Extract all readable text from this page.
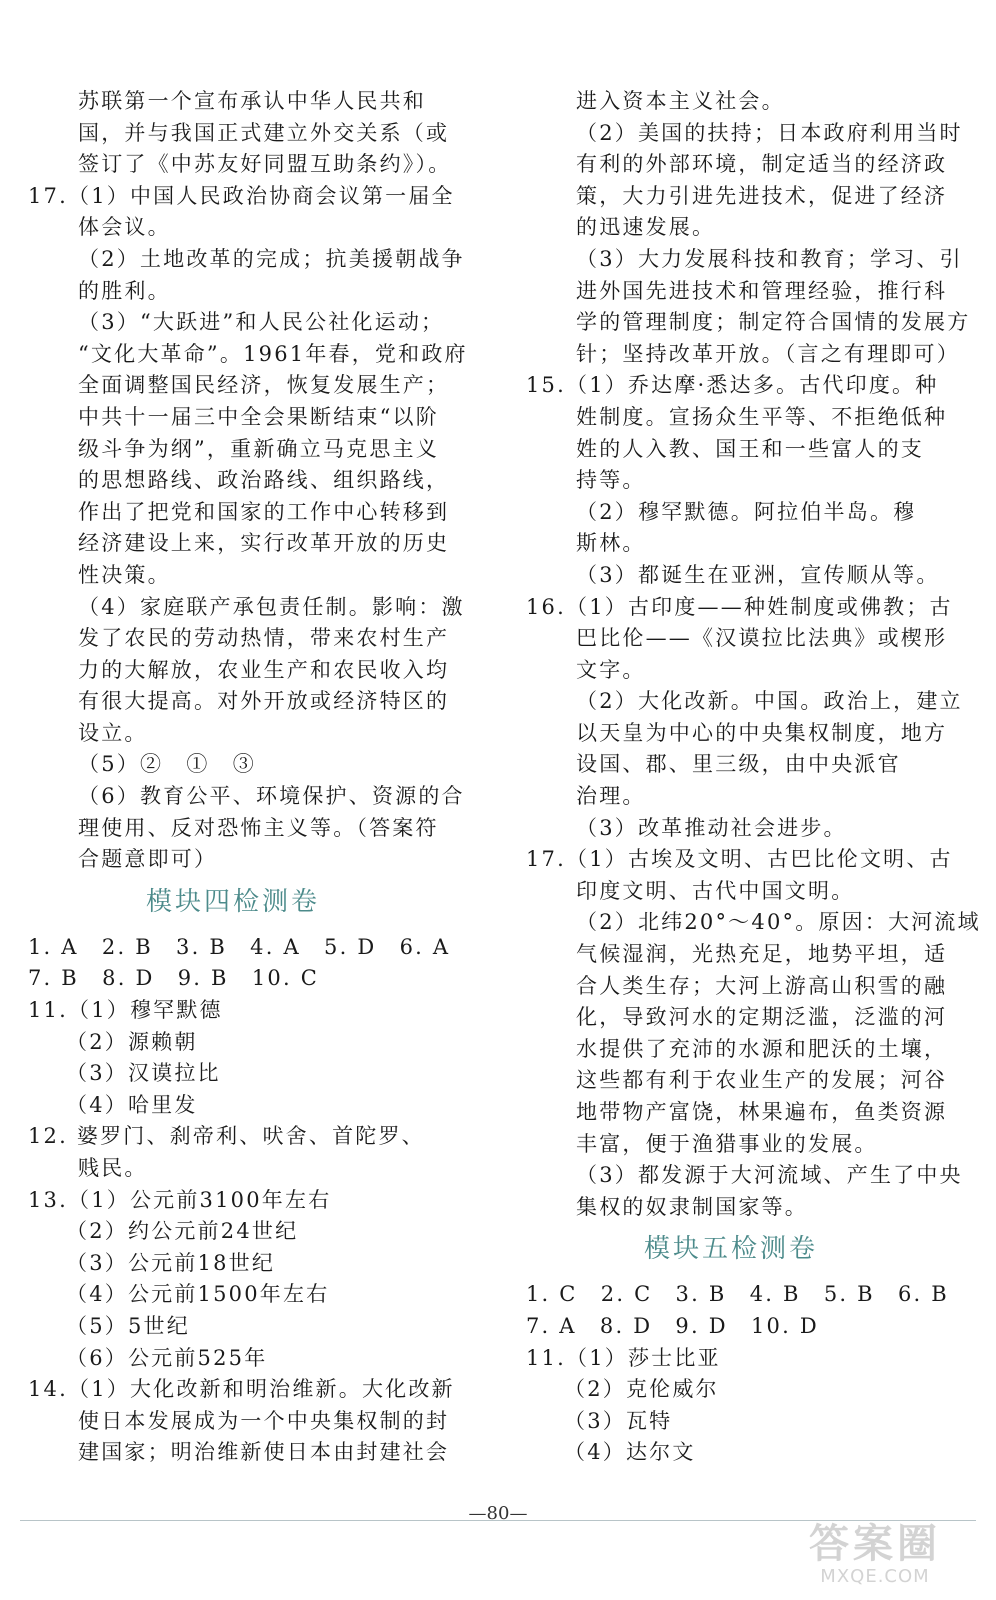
苏联第一个宣布承认中华人民共和
国，并与我国正式建立外交关系（或
签订了《中苏友好同盟互助条约》）。
17.（1）中国人民政治协商会议第一届全
体会议。
（2）土地改革的完成；抗美援朝战争
的胜利。
（3）“大跃进”和人民公社化运动；
“文化大革命”。1961年春，党和政府
全面调整国民经济，恢复发展生产；
中共十一届三中全会果断结束“以阶
级斗争为纲”，重新确立马克思主义
的思想路线、政治路线、组织路线，
作出了把党和国家的工作中心转移到
经济建设上来，实行改革开放的历史
性决策。
（4）家庭联产承包责任制。影响：激
发了农民的劳动热情，带来农村生产
力的大解放，农业生产和农民收入均
有很大提高。对外开放或经济特区的
设立。
（5）②　①　③
（6）教育公平、环境保护、资源的合
理使用、反对恐怖主义等。（答案符
合题意即可）
模块四检测卷
1. A　2. B　3. B　4. A　5. D　6. A
7. B　8. D　9. B　10. C
11.（1）穆罕默德
（2）源赖朝
（3）汉谟拉比
（4）哈里发
12. 婆罗门、刹帝利、吠舍、首陀罗、
贱民。
13.（1）公元前3100年左右
（2）约公元前24世纪
（3）公元前18世纪
（4）公元前1500年左右
（5）5世纪
（6）公元前525年
14.（1）大化改新和明治维新。大化改新
使日本发展成为一个中央集权制的封
建国家；明治维新使日本由封建社会
进入资本主义社会。
（2）美国的扶持；日本政府利用当时
有利的外部环境，制定适当的经济政
策，大力引进先进技术，促进了经济
的迅速发展。
（3）大力发展科技和教育；学习、引
进外国先进技术和管理经验，推行科
学的管理制度；制定符合国情的发展方
针；坚持改革开放。（言之有理即可）
15.（1）乔达摩·悉达多。古代印度。种
姓制度。宣扬众生平等、不拒绝低种
姓的人入教、国王和一些富人的支
持等。
（2）穆罕默德。阿拉伯半岛。穆
斯林。
（3）都诞生在亚洲，宣传顺从等。
16.（1）古印度——种姓制度或佛教；古
巴比伦——《汉谟拉比法典》或楔形
文字。
（2）大化改新。中国。政治上，建立
以天皇为中心的中央集权制度，地方
设国、郡、里三级，由中央派官
治理。
（3）改革推动社会进步。
17.（1）古埃及文明、古巴比伦文明、古
印度文明、古代中国文明。
（2）北纬20°～40°。原因：大河流域
气候湿润，光热充足，地势平坦，适
合人类生存；大河上游高山积雪的融
化，导致河水的定期泛滥，泛滥的河
水提供了充沛的水源和肥沃的土壤，
这些都有利于农业生产的发展；河谷
地带物产富饶，林果遍布，鱼类资源
丰富，便于渔猎事业的发展。
（3）都发源于大河流域、产生了中央
集权的奴隶制国家等。
模块五检测卷
1. C　2. C　3. B　4. B　5. B　6. B
7. A　8. D　9. D　10. D
11.（1）莎士比亚
（2）克伦威尔
（3）瓦特
（4）达尔文
—80—
答案圈
MXQE.COM
